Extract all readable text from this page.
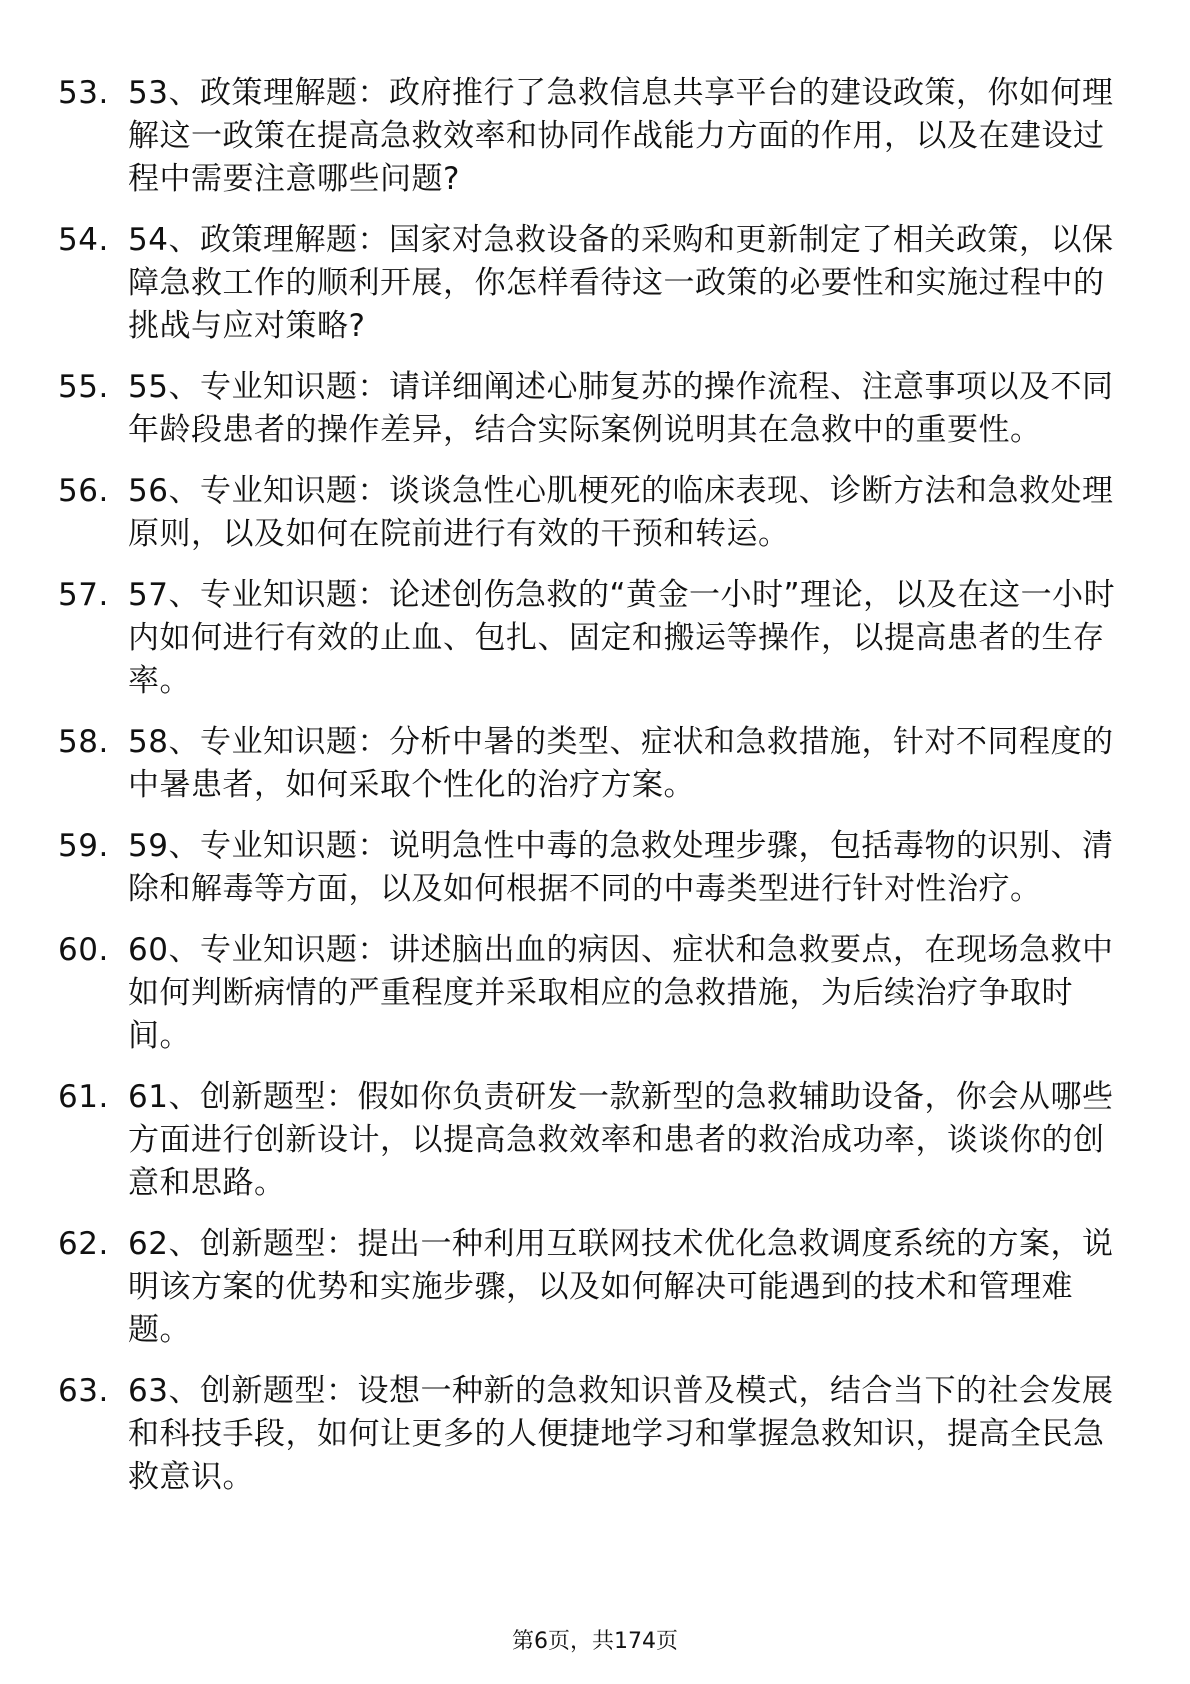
53. 53、政策理解题：政府推行了急救信息共享平台的建设政策，你如何理解这一政策在提高急救效率和协同作战能力方面的作用，以及在建设过程中需要注意哪些问题?
54. 54、政策理解题：国家对急救设备的采购和更新制定了相关政策，以保障急救工作的顺利开展，你怎样看待这一政策的必要性和实施过程中的挑战与应对策略?
55. 55、专业知识题：请详细阐述心肺复苏的操作流程、注意事项以及不同年龄段患者的操作差异，结合实际案例说明其在急救中的重要性。
56. 56、专业知识题：谈谈急性心肌梗死的临床表现、诊断方法和急救处理原则，以及如何在院前进行有效的干预和转运。
57. 57、专业知识题：论述创伤急救的“黄金一小时”理论，以及在这一小时内如何进行有效的止血、包扎、固定和搬运等操作，以提高患者的生存率。
58. 58、专业知识题：分析中暑的类型、症状和急救措施，针对不同程度的中暑患者，如何采取个性化的治疗方案。
59. 59、专业知识题：说明急性中毒的急救处理步骤，包括毒物的识别、清除和解毒等方面，以及如何根据不同的中毒类型进行针对性治疗。
60. 60、专业知识题：讲述脑出血的病因、症状和急救要点，在现场急救中如何判断病情的严重程度并采取相应的急救措施，为后续治疗争取时间。
61. 61、创新题型：假如你负责研发一款新型的急救辅助设备，你会从哪些方面进行创新设计，以提高急救效率和患者的救治成功率，谈谈你的创意和思路。
62. 62、创新题型：提出一种利用互联网技术优化急救调度系统的方案，说明该方案的优势和实施步骤，以及如何解决可能遇到的技术和管理难题。
63. 63、创新题型：设想一种新的急救知识普及模式，结合当下的社会发展和科技手段，如何让更多的人便捷地学习和掌握急救知识，提高全民急救意识。
第6页，共174页
